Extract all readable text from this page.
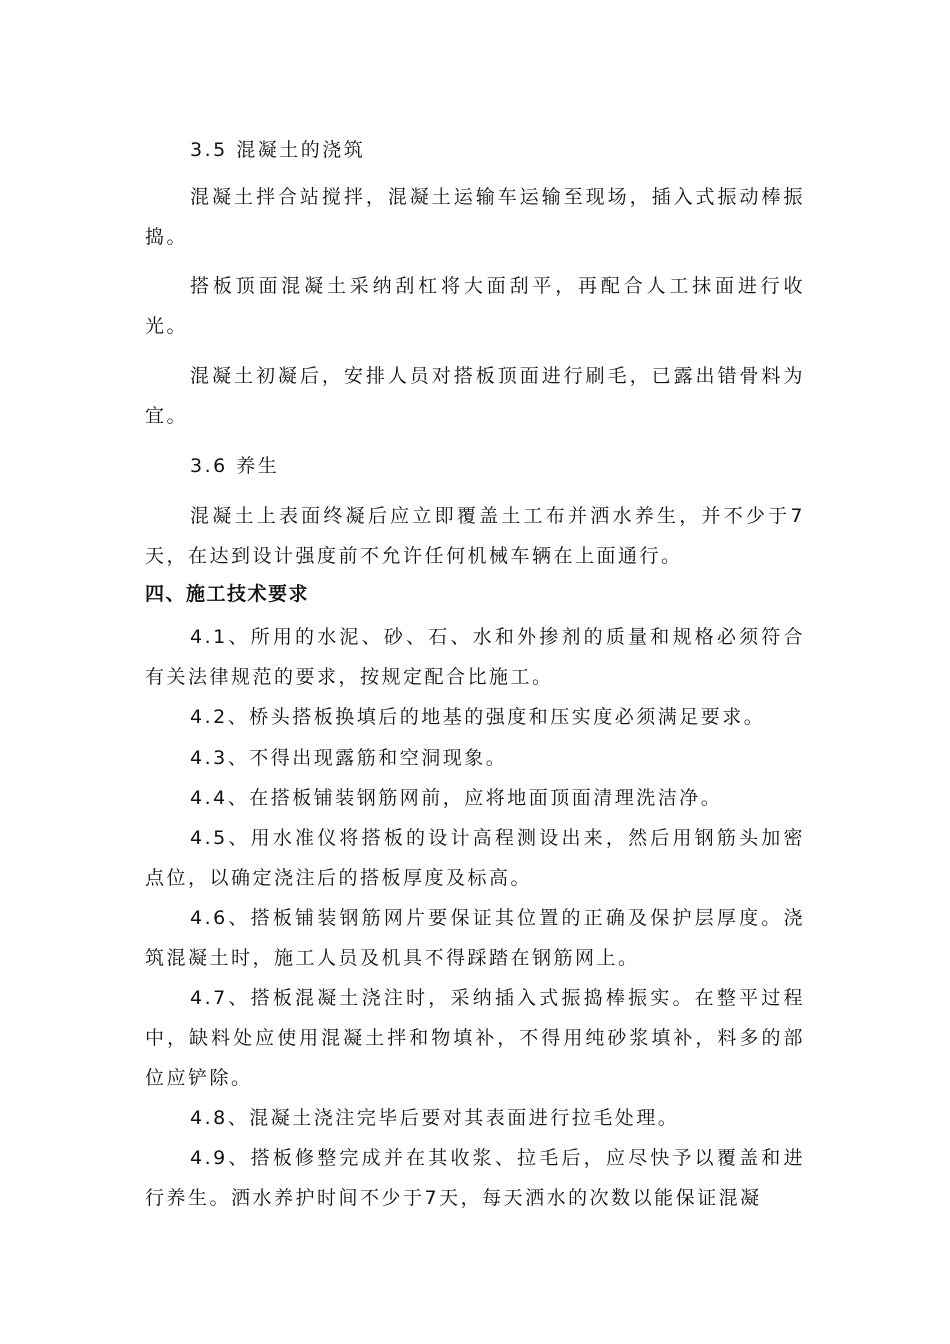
3.5 混凝土的浇筑

混凝土拌合站搅拌，混凝土运输车运输至现场，插入式振动棒振捣。

搭板顶面混凝土采纳刮杠将大面刮平，再配合人工抹面进行收光。

混凝土初凝后，安排人员对搭板顶面进行刷毛，已露出错骨料为宜。

3.6 养生

混凝土上表面终凝后应立即覆盖土工布并洒水养生，并不少于7天，在达到设计强度前不允许任何机械车辆在上面通行。

四、施工技术要求

4.1、所用的水泥、砂、石、水和外掺剂的质量和规格必须符合有关法律规范的要求，按规定配合比施工。

4.2、桥头搭板换填后的地基的强度和压实度必须满足要求。

4.3、不得出现露筋和空洞现象。

4.4、在搭板铺装钢筋网前，应将地面顶面清理洗洁净。

4.5、用水准仪将搭板的设计高程测设出来，然后用钢筋头加密点位，以确定浇注后的搭板厚度及标高。

4.6、搭板铺装钢筋网片要保证其位置的正确及保护层厚度。浇筑混凝土时，施工人员及机具不得踩踏在钢筋网上。

4.7、搭板混凝土浇注时，采纳插入式振捣棒振实。在整平过程中，缺料处应使用混凝土拌和物填补，不得用纯砂浆填补，料多的部位应铲除。

4.8、混凝土浇注完毕后要对其表面进行拉毛处理。

4.9、搭板修整完成并在其收浆、拉毛后，应尽快予以覆盖和进行养生。洒水养护时间不少于7天，每天洒水的次数以能保证混凝
